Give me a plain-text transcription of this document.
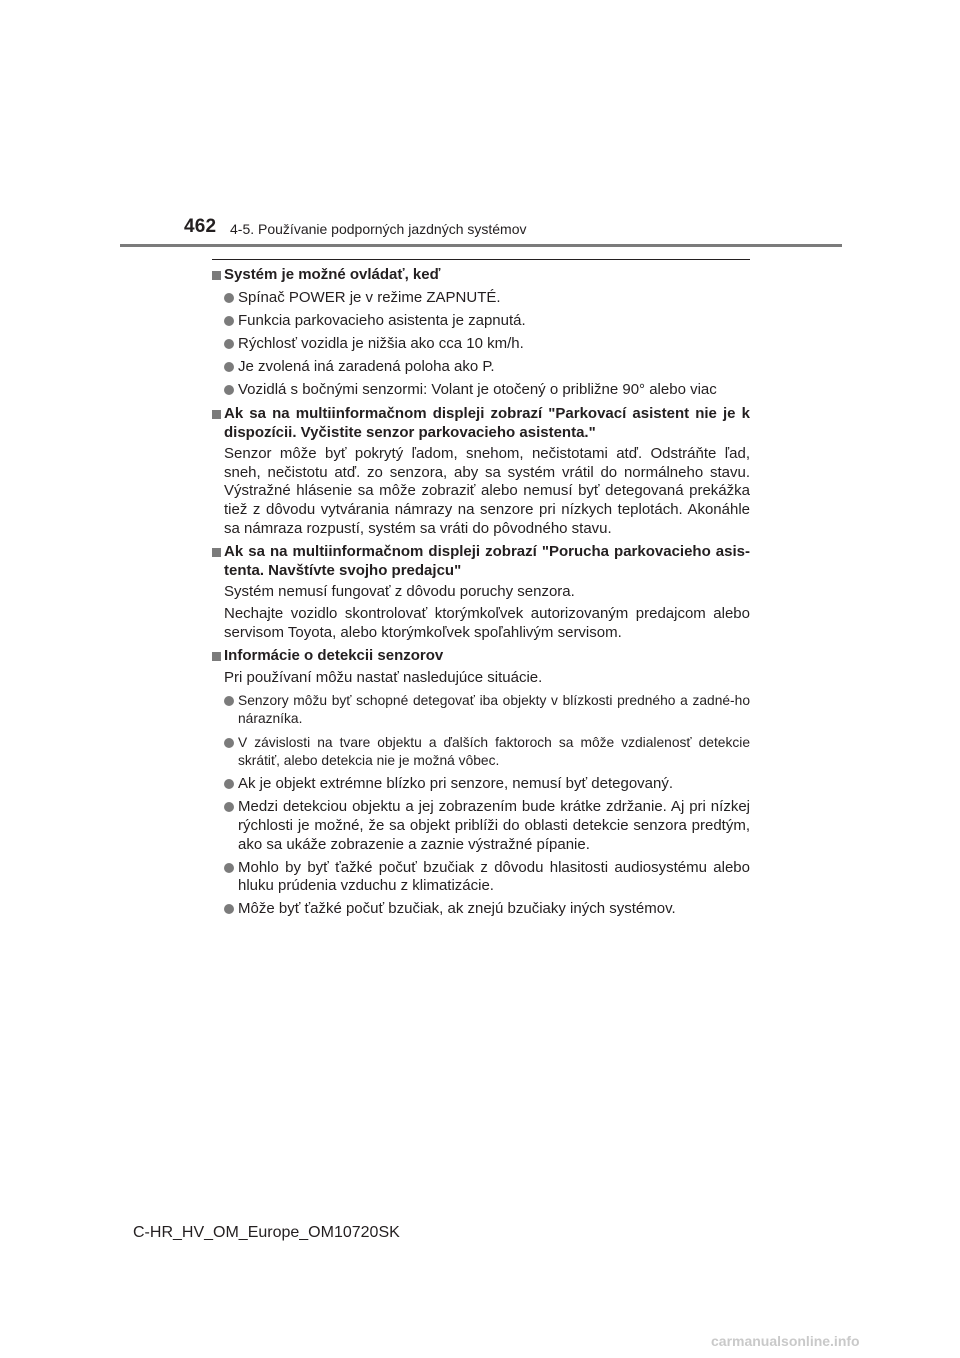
462 4-5. Používanie podporných jazdných systémov
Systém je možné ovládať, keď
Spínač POWER je v režime ZAPNUTÉ.
Funkcia parkovacieho asistenta je zapnutá.
Rýchlosť vozidla je nižšia ako cca 10 km/h.
Je zvolená iná zaradená poloha ako P.
Vozidlá s bočnými senzormi: Volant je otočený o približne 90° alebo viac
Ak sa na multiinformačnom displeji zobrazí "Parkovací asistent nie je k dispozícii. Vyčistite senzor parkovacieho asistenta."
Senzor môže byť pokrytý ľadom, snehom, nečistotami atď. Odstráňte ľad, sneh, nečistotu atď. zo senzora, aby sa systém vrátil do normálneho stavu. Výstražné hlásenie sa môže zobraziť alebo nemusí byť detegovaná prekážka tiež z dôvodu vytvárania námrazy na senzore pri nízkych teplotách. Akonáhle sa námraza rozpustí, systém sa vráti do pôvodného stavu.
Ak sa na multiinformačnom displeji zobrazí "Porucha parkovacieho asis-tenta. Navštívte svojho predajcu"
Systém nemusí fungovať z dôvodu poruchy senzora.
Nechajte vozidlo skontrolovať ktorýmkoľvek autorizovaným predajcom alebo servisom Toyota, alebo ktorýmkoľvek spoľahlivým servisom.
Informácie o detekcii senzorov
Pri používaní môžu nastať nasledujúce situácie.
Senzory môžu byť schopné detegovať iba objekty v blízkosti predného a zadné-ho nárazníka.
V závislosti na tvare objektu a ďalších faktoroch sa môže vzdialenosť detekcie skrátiť, alebo detekcia nie je možná vôbec.
Ak je objekt extrémne blízko pri senzore, nemusí byť detegovaný.
Medzi detekciou objektu a jej zobrazením bude krátke zdržanie. Aj pri nízkej rýchlosti je možné, že sa objekt priblíži do oblasti detekcie senzora predtým, ako sa ukáže zobrazenie a zaznie výstražné pípanie.
Mohlo by byť ťažké počuť bzučiak z dôvodu hlasitosti audiosystému alebo hluku prúdenia vzduchu z klimatizácie.
Môže byť ťažké počuť bzučiak, ak znejú bzučiaky iných systémov.
C-HR_HV_OM_Europe_OM10720SK
carmanualsonline.info
